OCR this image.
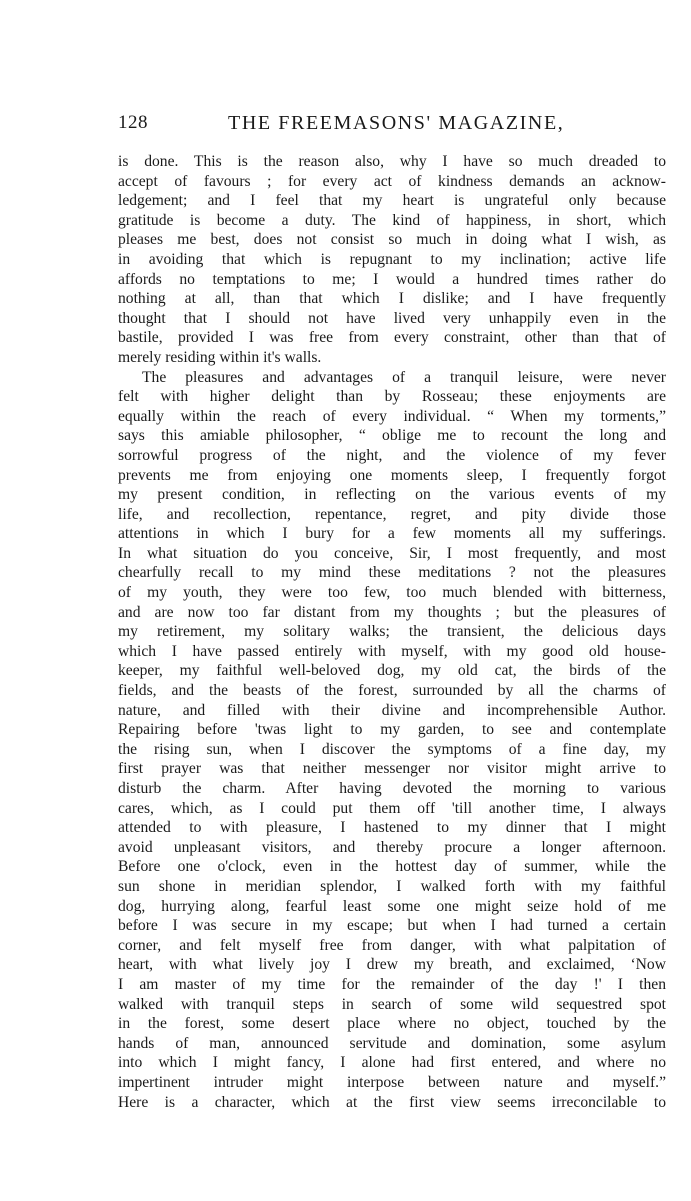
128	THE FREEMASONS' MAGAZINE,
is done. This is the reason also, why I have so much dreaded to
accept of favours ; for every act of kindness demands an acknow-
ledgement; and I feel that my heart is ungrateful only because
gratitude is become a duty. The kind of happiness, in short, which
pleases me best, does not consist so much in doing what I wish, as
in avoiding that which is repugnant to my inclination; active life
affords no temptations to me; I would a hundred times rather do
nothing at all, than that which I dislike; and I have frequently
thought that I should not have lived very unhappily even in the
bastile, provided I was free from every constraint, other than that of
merely residing within it's walls.
The pleasures and advantages of a tranquil leisure, were never
felt with higher delight than by Rosseau; these enjoyments are
equally within the reach of every individual. “ When my torments,”
says this amiable philosopher, “ oblige me to recount the long and
sorrowful progress of the night, and the violence of my fever
prevents me from enjoying one moments sleep, I frequently forgot
my present condition, in reflecting on the various events of my
life, and recollection, repentance, regret, and pity divide those
attentions in which I bury for a few moments all my sufferings.
In what situation do you conceive, Sir, I most frequently, and most
chearfully recall to my mind these meditations ? not the pleasures
of my youth, they were too few, too much blended with bitterness,
and are now too far distant from my thoughts ; but the pleasures of
my retirement, my solitary walks; the transient, the delicious days
which I have passed entirely with myself, with my good old house-
keeper, my faithful well-beloved dog, my old cat, the birds of the
fields, and the beasts of the forest, surrounded by all the charms of
nature, and filled with their divine and incomprehensible Author.
Repairing before 'twas light to my garden, to see and contemplate
the rising sun, when I discover the symptoms of a fine day, my
first prayer was that neither messenger nor visitor might arrive to
disturb the charm. After having devoted the morning to various
cares, which, as I could put them off 'till another time, I always
attended to with pleasure, I hastened to my dinner that I might
avoid unpleasant visitors, and thereby procure a longer afternoon.
Before one o'clock, even in the hottest day of summer, while the
sun shone in meridian splendor, I walked forth with my faithful
dog, hurrying along, fearful least some one might seize hold of me
before I was secure in my escape; but when I had turned a certain
corner, and felt myself free from danger, with what palpitation of
heart, with what lively joy I drew my breath, and exclaimed, ‘Now
I am master of my time for the remainder of the day !' I then
walked with tranquil steps in search of some wild sequestred spot
in the forest, some desert place where no object, touched by the
hands of man, announced servitude and domination, some asylum
into which I might fancy, I alone had first entered, and where no
impertinent intruder might interpose between nature and myself.”
Here is a character, which at the first view seems irreconcilable to
